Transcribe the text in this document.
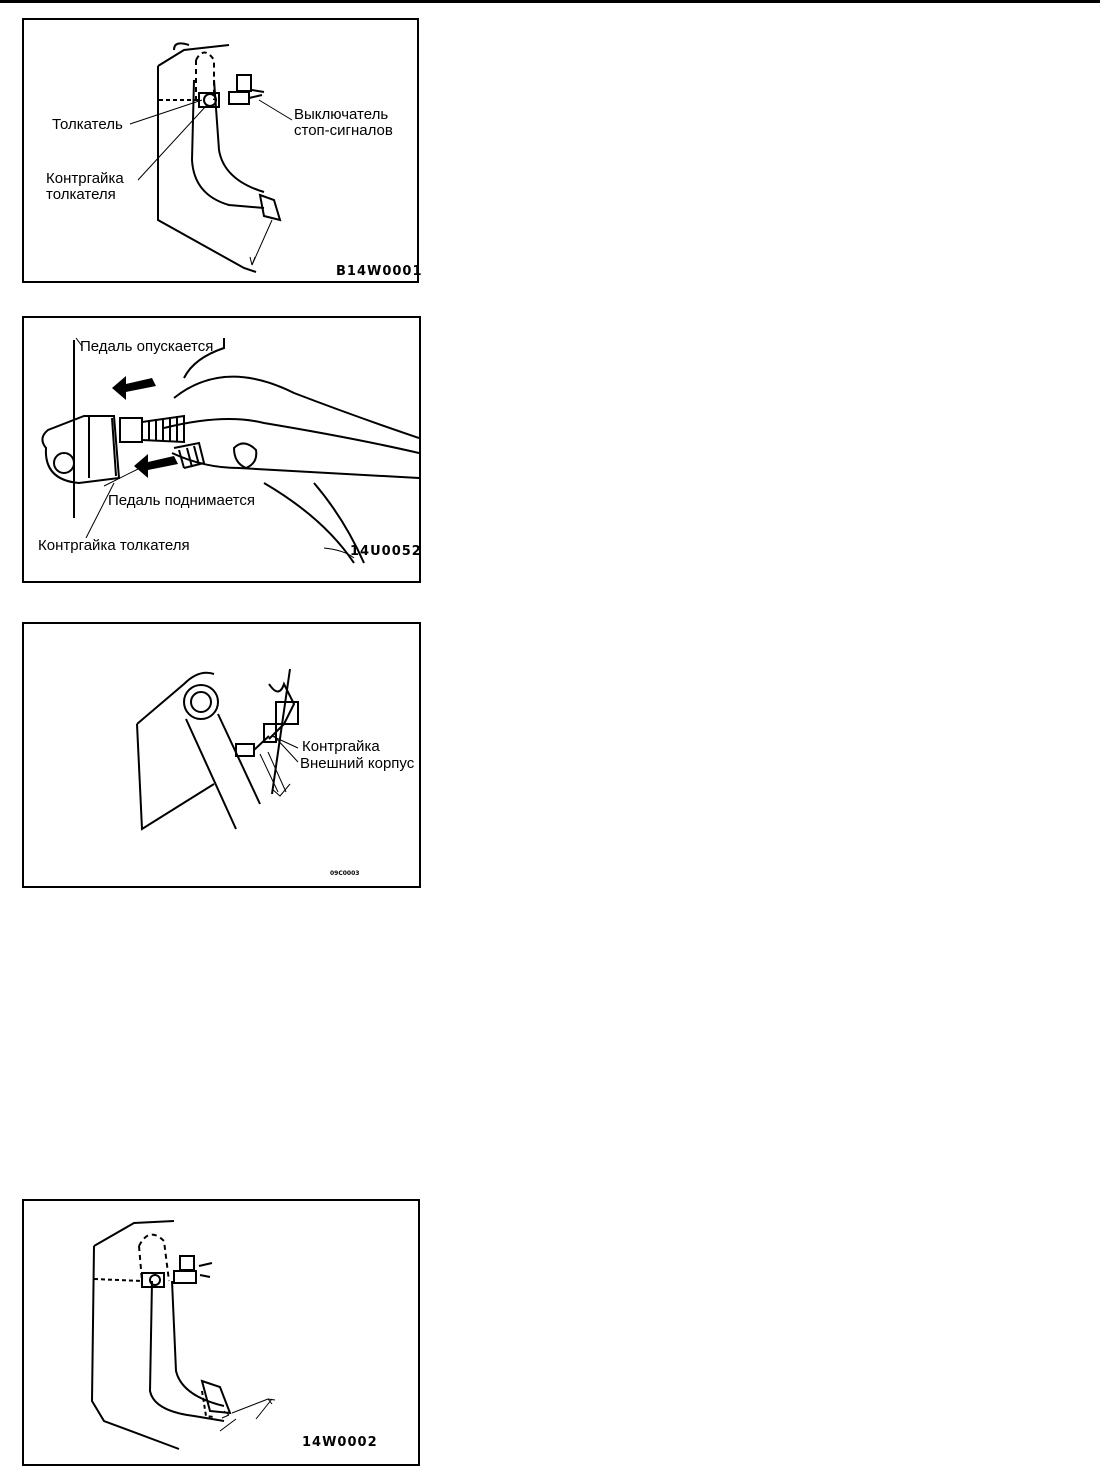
Толкатель
Выключатель
стоп-сигналов
Контргайка
толкателя
B14W0001
Педаль опускается
Педаль поднимается
Контргайка толкателя	14U0052
Контргайка
Внешний корпус
09C0003
14W0002
